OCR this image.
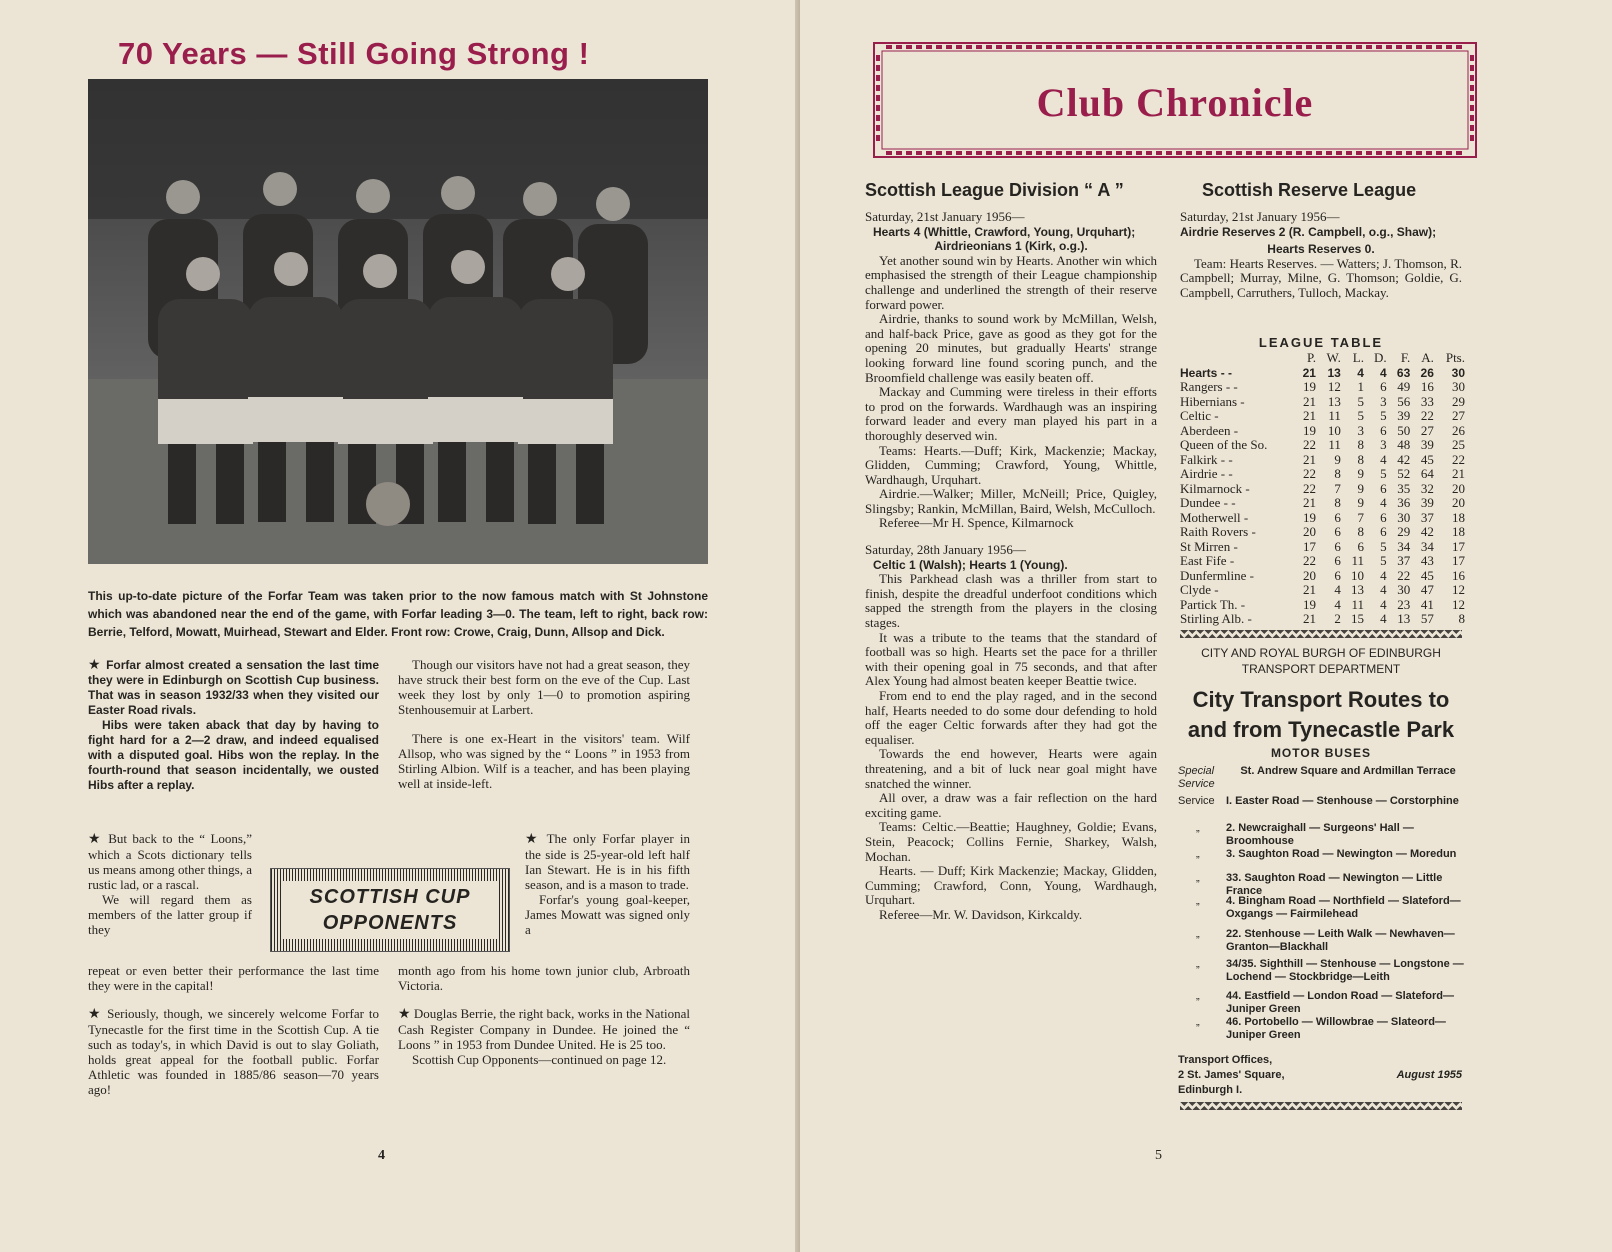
70 Years — Still Going Strong !

This up-to-date picture of the Forfar Team was taken prior to the now famous match with St Johnstone which was abandoned near the end of the game, with Forfar leading 3—0. The team, left to right, back row: Berrie, Telford, Mowatt, Muirhead, Stewart and Elder. Front row: Crowe, Craig, Dunn, Allsop and Dick.

★ Forfar almost created a sensation the last time they were in Edinburgh on Scottish Cup business. That was in season 1932/33 when they visited our Easter Road rivals.

Hibs were taken aback that day by having to fight hard for a 2—2 draw, and indeed equalised with a disputed goal. Hibs won the replay. In the fourth-round that season incidentally, we ousted Hibs after a replay.

Though our visitors have not had a great season, they have struck their best form on the eve of the Cup. Last week they lost by only 1—0 to promotion aspiring Stenhousemuir at Larbert.

There is one ex-Heart in the visitors' team. Wilf Allsop, who was signed by the “ Loons ” in 1953 from Stirling Albion. Wilf is a teacher, and has been playing well at inside-left.

★ But back to the “ Loons,” which a Scots dictionary tells us means among other things, a rustic lad, or a rascal.

We will regard them as members of the latter group if they

repeat or even better their performance the last time they were in the capital!

SCOTTISH CUP
OPPONENTS

★ The only Forfar player in the side is 25-year-old left half Ian Stewart. He is in his fifth season, and is a mason to trade.

Forfar's young goal-keeper, James Mowatt was signed only a

month ago from his home town junior club, Arbroath Victoria.

★ Seriously, though, we sincerely welcome Forfar to Tynecastle for the first time in the Scottish Cup. A tie such as today's, in which David is out to slay Goliath, holds great appeal for the football public. Forfar Athletic was founded in 1885/86 season—70 years ago!

★ Douglas Berrie, the right back, works in the National Cash Register Company in Dundee. He joined the “ Loons ” in 1953 from Dundee United. He is 25 too.

Scottish Cup Opponents—continued on page 12.

4
Club Chronicle
Scottish League Division “ A ”	Scottish Reserve League

Saturday, 21st January 1956—

Hearts 4 (Whittle, Crawford, Young, Urquhart);

Airdrieonians 1 (Kirk, o.g.).

Yet another sound win by Hearts. Another win which emphasised the strength of their League championship challenge and underlined the strength of their reserve forward power.

Airdrie, thanks to sound work by McMillan, Welsh, and half-back Price, gave as good as they got for the opening 20 minutes, but gradually Hearts' strange looking forward line found scoring punch, and the Broomfield challenge was easily beaten off.

Mackay and Cumming were tireless in their efforts to prod on the forwards. Wardhaugh was an inspiring forward leader and every man played his part in a thoroughly deserved win.

Teams: Hearts.—Duff; Kirk, Mackenzie; Mackay, Glidden, Cumming; Crawford, Young, Whittle, Wardhaugh, Urquhart.

Airdrie.—Walker; Miller, McNeill; Price, Quigley, Slingsby; Rankin, McMillan, Baird, Welsh, McCulloch.

Referee—Mr H. Spence, Kilmarnock

Saturday, 28th January 1956—

Celtic 1 (Walsh); Hearts 1 (Young).

This Parkhead clash was a thriller from start to finish, despite the dreadful underfoot conditions which sapped the strength from the players in the closing stages.

It was a tribute to the teams that the standard of football was so high. Hearts set the pace for a thriller with their opening goal in 75 seconds, and that after Alex Young had almost beaten keeper Beattie twice.

From end to end the play raged, and in the second half, Hearts needed to do some dour defending to hold off the eager Celtic forwards after they had got the equaliser.

Towards the end however, Hearts were again threatening, and a bit of luck near goal might have snatched the winner.

All over, a draw was a fair reflection on the hard exciting game.

Teams: Celtic.—Beattie; Haughney, Goldie; Evans, Stein, Peacock; Collins Fernie, Sharkey, Walsh, Mochan.

Hearts. — Duff; Kirk Mackenzie; Mackay, Glidden, Cumming; Crawford, Conn, Young, Wardhaugh, Urquhart.

Referee—Mr. W. Davidson, Kirkcaldy.

Saturday, 21st January 1956—

Airdrie Reserves 2 (R. Campbell, o.g., Shaw);

Hearts Reserves 0.

Team: Hearts Reserves. — Watters; J. Thomson, R. Campbell; Murray, Milne, G. Thomson; Goldie, G. Campbell, Carruthers, Tulloch, Mackay.

LEAGUE TABLE
	P.	W.	L.	D.	F.	A.	Pts.
Hearts - -	21	13	4	4	63	26	30
Rangers - -	19	12	1	6	49	16	30
Hibernians -	21	13	5	3	56	33	29
Celtic -	21	11	5	5	39	22	27
Aberdeen -	19	10	3	6	50	27	26
Queen of the So.	22	11	8	3	48	39	25
Falkirk - -	21	9	8	4	42	45	22
Airdrie - -	22	8	9	5	52	64	21
Kilmarnock -	22	7	9	6	35	32	20
Dundee - -	21	8	9	4	36	39	20
Motherwell -	19	6	7	6	30	37	18
Raith Rovers -	20	6	8	6	29	42	18
St Mirren -	17	6	6	5	34	34	17
East Fife -	22	6	11	5	37	43	17
Dunfermline -	20	6	10	4	22	45	16
Clyde -	21	4	13	4	30	47	12
Partick Th. -	19	4	11	4	23	41	12
Stirling Alb. -	21	2	15	4	13	57	8
CITY AND ROYAL BURGH OF EDINBURGH
TRANSPORT DEPARTMENT
City Transport Routes to
and from Tynecastle Park
MOTOR BUSES
Special Service
St. Andrew Square and Ardmillan Terrace
Service I. Easter Road — Stenhouse — Corstorphine
„ 2. Newcraighall — Surgeons' Hall —Broomhouse
„ 3. Saughton Road — Newington — Moredun
„ 33. Saughton Road — Newington — Little France
„ 4. Bingham Road — Northfield — Slateford— Oxgangs — Fairmilehead
„ 22. Stenhouse — Leith Walk — Newhaven—Granton—Blackhall
„ 34/35. Sighthill — Stenhouse — Longstone — Lochend — Stockbridge—Leith
„ 44. Eastfield — London Road — Slateford—Juniper Green
„ 46. Portobello — Willowbrae — Slateord—Juniper Green
Transport Offices,
2 St. James' Square,
Edinburgh I.
August 1955
5
